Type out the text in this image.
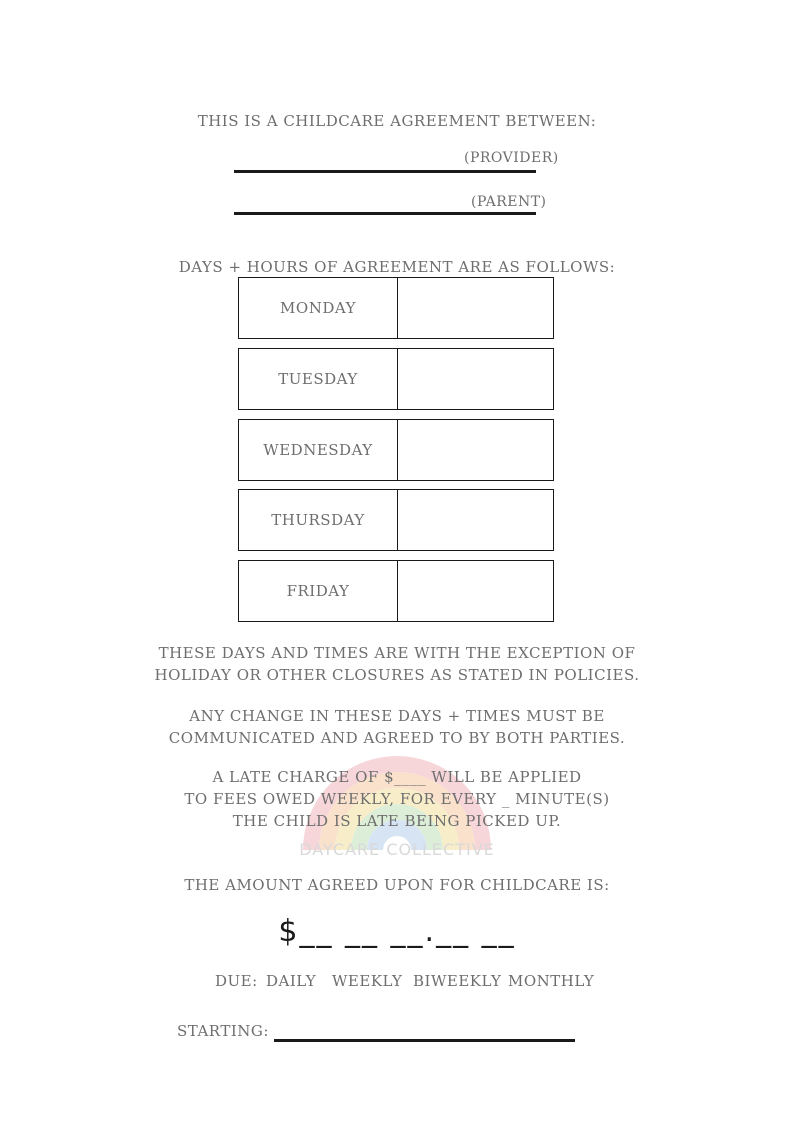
DAYCARE COLLECTIVE
THIS IS A CHILDCARE AGREEMENT BETWEEN:
(PROVIDER)
(PARENT)
DAYS + HOURS OF AGREEMENT ARE AS FOLLOWS:
MONDAY
TUESDAY
WEDNESDAY
THURSDAY
FRIDAY
THESE DAYS AND TIMES ARE WITH THE EXCEPTION OF
HOLIDAY OR OTHER CLOSURES AS STATED IN POLICIES.
ANY CHANGE IN THESE DAYS + TIMES MUST BE
COMMUNICATED AND AGREED TO BY BOTH PARTIES.
A LATE CHARGE OF $____ WILL BE APPLIED
TO FEES OWED WEEKLY, FOR EVERY _ MINUTE(S)
THE CHILD IS LATE BEING PICKED UP.
THE AMOUNT AGREED UPON FOR CHILDCARE IS:
$__ __ __.__ __
DUE: DAILY WEEKLY BIWEEKLY MONTHLY
STARTING:
